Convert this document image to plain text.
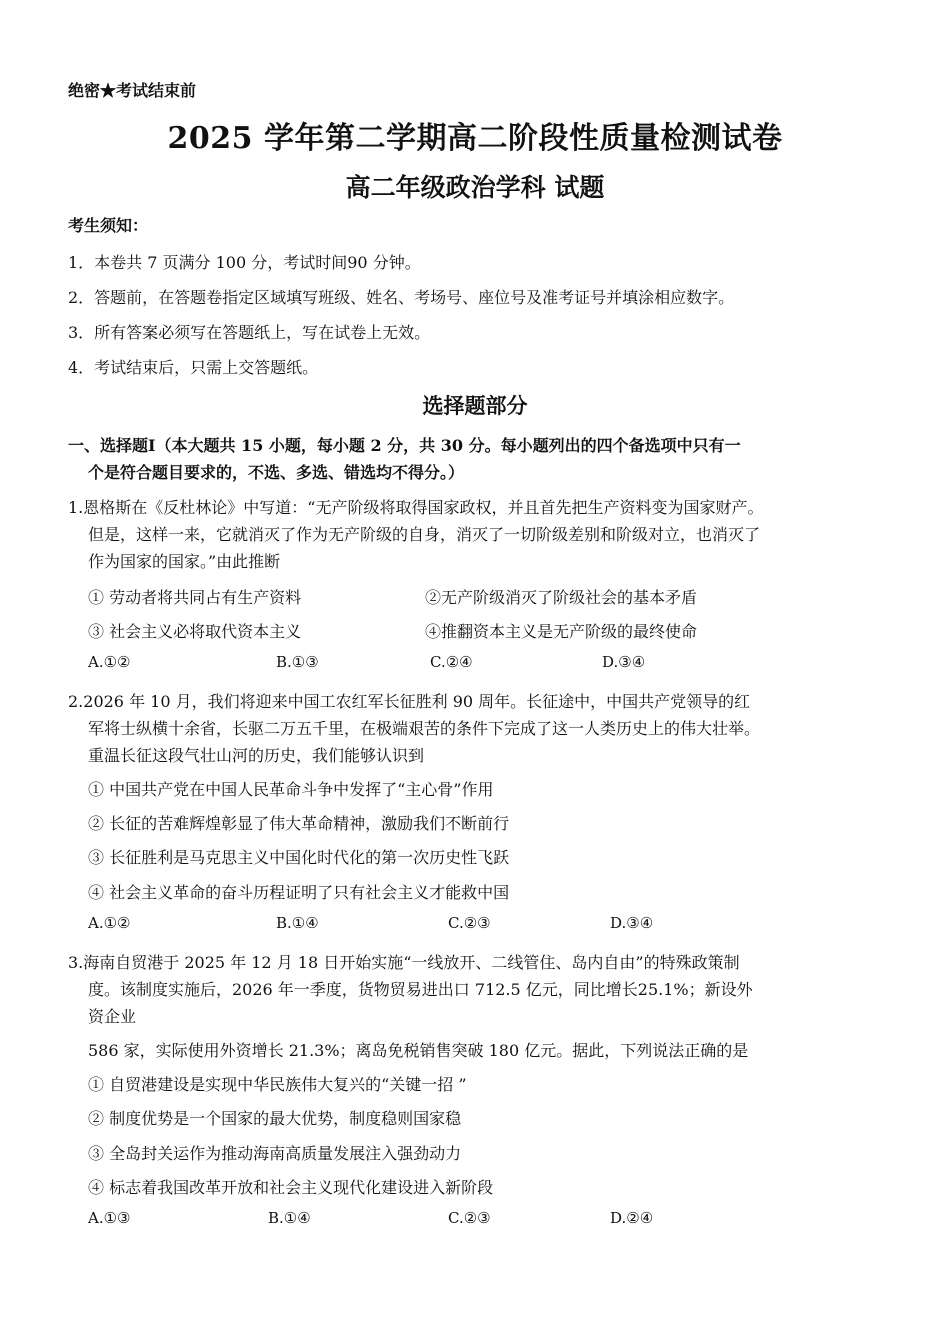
绝密★考试结束前
2025 学年第二学期高二阶段性质量检测试卷
高二年级政治学科 试题
考生须知：
1．本卷共 7 页满分 100 分，考试时间90 分钟。
2．答题前，在答题卷指定区域填写班级、姓名、考场号、座位号及准考证号并填涂相应数字。
3．所有答案必须写在答题纸上，写在试卷上无效。
4．考试结束后，只需上交答题纸。
选择题部分
一、选择题Ⅰ（本大题共 15 小题，每小题 2 分，共 30 分。每小题列出的四个备选项中只有一
个是符合题目要求的，不选、多选、错选均不得分。）
1.恩格斯在《反杜林论》中写道：“无产阶级将取得国家政权，并且首先把生产资料变为国家财产。
但是，这样一来，它就消灭了作为无产阶级的自身，消灭了一切阶级差别和阶级对立，也消灭了
作为国家的国家。”由此推断
① 劳动者将共同占有生产资料	②无产阶级消灭了阶级社会的基本矛盾
③ 社会主义必将取代资本主义	④推翻资本主义是无产阶级的最终使命
A.①②	B.①③	C.②④	D.③④
2.2026 年 10 月，我们将迎来中国工农红军长征胜利 90 周年。长征途中，中国共产党领导的红
军将士纵横十余省，长驱二万五千里，在极端艰苦的条件下完成了这一人类历史上的伟大壮举。
重温长征这段气壮山河的历史，我们能够认识到
① 中国共产党在中国人民革命斗争中发挥了“主心骨”作用
② 长征的苦难辉煌彰显了伟大革命精神，激励我们不断前行
③ 长征胜利是马克思主义中国化时代化的第一次历史性飞跃
④ 社会主义革命的奋斗历程证明了只有社会主义才能救中国
A.①②	B.①④	C.②③	D.③④
3.海南自贸港于 2025 年 12 月 18 日开始实施“一线放开、二线管住、岛内自由”的特殊政策制
度。该制度实施后，2026 年一季度，货物贸易进出口 712.5 亿元，同比增长25.1%；新设外
资企业
586 家，实际使用外资增长 21.3%；离岛免税销售突破 180 亿元。据此，下列说法正确的是
① 自贸港建设是实现中华民族伟大复兴的“关键一招 ”
② 制度优势是一个国家的最大优势，制度稳则国家稳
③ 全岛封关运作为推动海南高质量发展注入强劲动力
④ 标志着我国改革开放和社会主义现代化建设进入新阶段
A.①③	B.①④	C.②③	D.②④
